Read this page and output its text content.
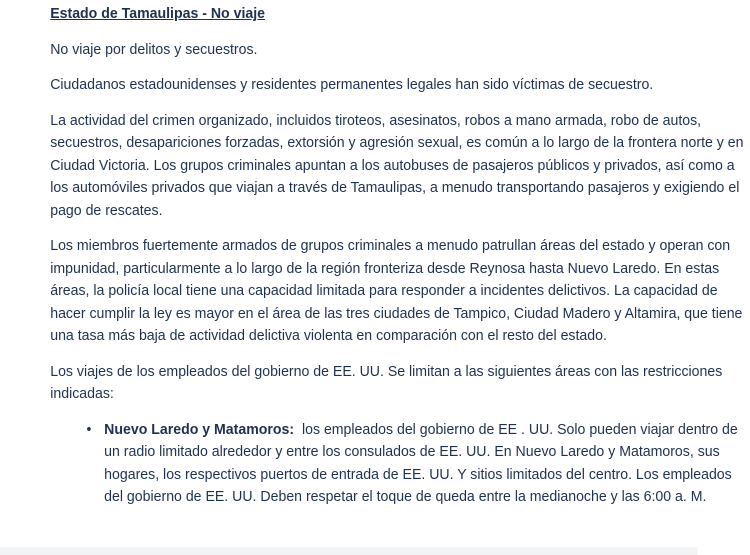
Estado de Tamaulipas - No viaje

No viaje por delitos y secuestros.

Ciudadanos estadounidenses y residentes permanentes legales han sido víctimas de secuestro.

La actividad del crimen organizado, incluidos tiroteos, asesinatos, robos a mano armada, robo de autos, secuestros, desapariciones forzadas, extorsión y agresión sexual, es común a lo largo de la frontera norte y en Ciudad Victoria. Los grupos criminales apuntan a los autobuses de pasajeros públicos y privados, así como a los automóviles privados que viajan a través de Tamaulipas, a menudo transportando pasajeros y exigiendo el pago de rescates.

Los miembros fuertemente armados de grupos criminales a menudo patrullan áreas del estado y operan con impunidad, particularmente a lo largo de la región fronteriza desde Reynosa hasta Nuevo Laredo. En estas áreas, la policía local tiene una capacidad limitada para responder a incidentes delictivos. La capacidad de hacer cumplir la ley es mayor en el área de las tres ciudades de Tampico, Ciudad Madero y Altamira, que tiene una tasa más baja de actividad delictiva violenta en comparación con el resto del estado.

Los viajes de los empleados del gobierno de EE. UU. Se limitan a las siguientes áreas con las restricciones indicadas:

• Nuevo Laredo y Matamoros: los empleados del gobierno de EE . UU. Solo pueden viajar dentro de un radio limitado alrededor y entre los consulados de EE. UU. En Nuevo Laredo y Matamoros, sus hogares, los respectivos puertos de entrada de EE. UU. Y sitios limitados del centro. Los empleados del gobierno de EE. UU. Deben respetar el toque de queda entre la medianoche y las 6:00 a. M.
